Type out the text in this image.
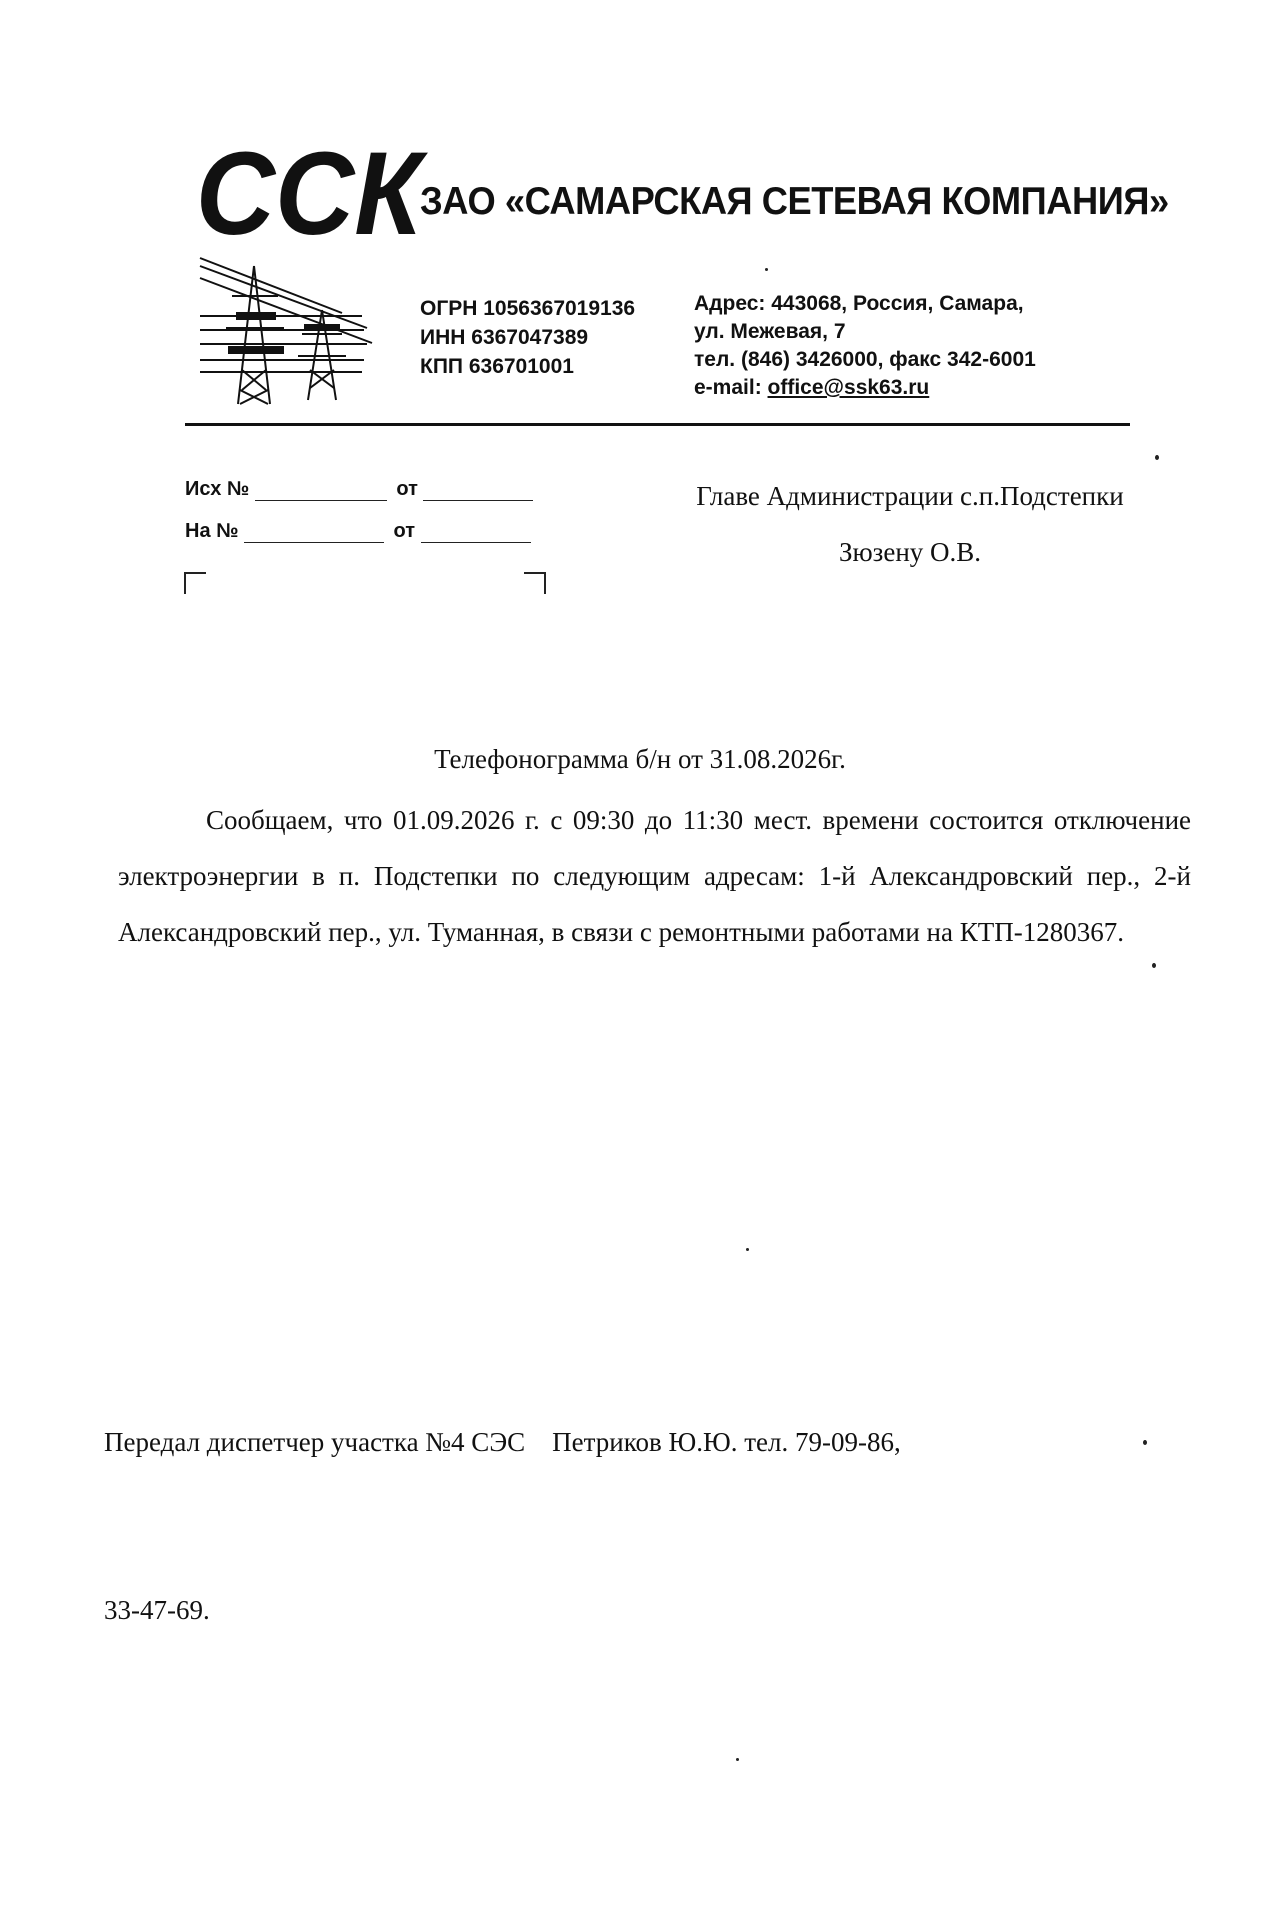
ССК
ЗАО «САМАРСКАЯ СЕТЕВАЯ КОМПАНИЯ»
ОГРН 1056367019136
ИНН 6367047389
КПП 636701001
Адрес: 443068, Россия, Самара,
ул. Межевая, 7
тел. (846) 3426000, факс 342-6001
e-mail: office@ssk63.ru
Исх №	от
На №	от
Главе Администрации с.п.Подстепки
Зюзену О.В.
Телефонограмма б/н от 31.08.2026г.
Сообщаем, что 01.09.2026 г. с 09:30 до 11:30 мест. времени состоится отключение электроэнергии в п. Подстепки по следующим адресам: 1-й Александровский пер., 2-й Александровский пер., ул. Туманная, в связи с ремонтными работами на КТП-1280367.

Передал диспетчер участка №4 СЭС    Петриков Ю.Ю. тел. 79-09-86,

33-47-69.
